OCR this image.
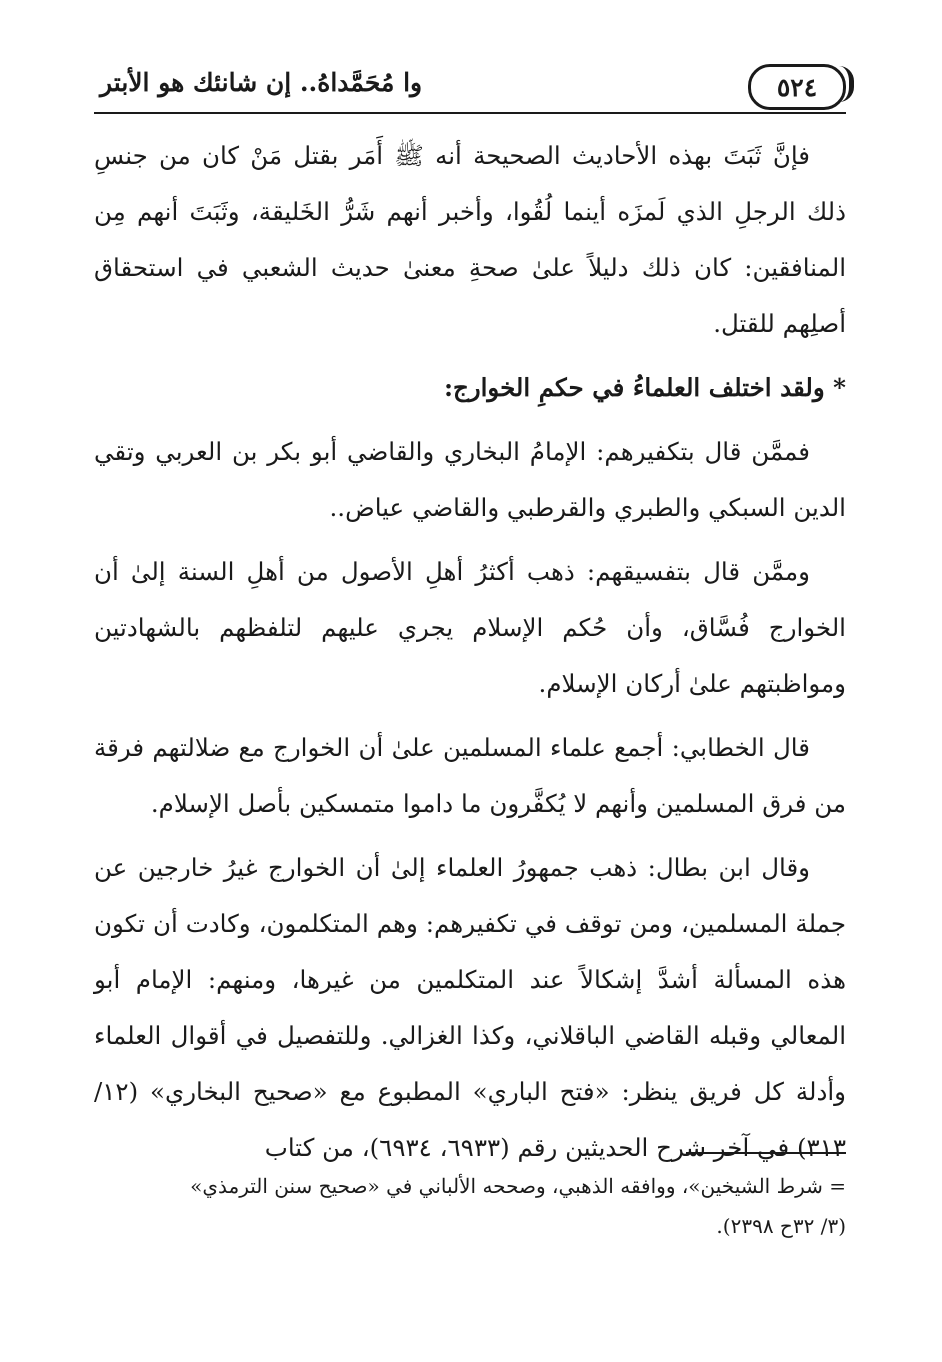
٥٢٤
وا مُحَمَّداهُ.. إن شانئك هو الأبتر

فإنَّ ثَبَتَ بهذه الأحاديث الصحيحة أنه ﷺ أَمَر بقتل مَنْ كان من جنسِ ذلك الرجلِ الذي لَمزَه أينما لُقُوا، وأخبر أنهم شَرُّ الخَليقة، وثَبَتَ أنهم مِن المنافقين: كان ذلك دليلاً علىٰ صحةِ معنىٰ حديث الشعبي في استحقاق أصلِهم للقتل.

* ولقد اختلف العلماءُ في حكمِ الخوارج:

فممَّن قال بتكفيرهم: الإمامُ البخاري والقاضي أبو بكر بن العربي وتقي الدين السبكي والطبري والقرطبي والقاضي عياض..

وممَّن قال بتفسيقهم: ذهب أكثرُ أهلِ الأصول من أهلِ السنة إلىٰ أن الخوارج فُسَّاق، وأن حُكم الإسلام يجري عليهم لتلفظهم بالشهادتين ومواظبتهم علىٰ أركان الإسلام.

قال الخطابي: أجمع علماء المسلمين علىٰ أن الخوارج مع ضلالتهم فرقة من فرق المسلمين وأنهم لا يُكفَّرون ما داموا متمسكين بأصل الإسلام.

وقال ابن بطال: ذهب جمهورُ العلماء إلىٰ أن الخوارج غيرُ خارجين عن جملة المسلمين، ومن توقف في تكفيرهم: وهم المتكلمون، وكادت أن تكون هذه المسألة أشدَّ إشكالاً عند المتكلمين من غيرها، ومنهم: الإمام أبو المعالي وقبله القاضي الباقلاني، وكذا الغزالي. وللتفصيل في أقوال العلماء وأدلة كل فريق ينظر: «فتح الباري» المطبوع مع «صحيح البخاري» (١٢/ ٣١٣) في آخر شرح الحديثين رقم (٦٩٣٣، ٦٩٣٤)، من كتاب

= شرط الشيخين»، ووافقه الذهبي، وصححه الألباني في «صحيح سنن الترمذي»

(٣/ ٣٢ح ٢٣٩٨).
